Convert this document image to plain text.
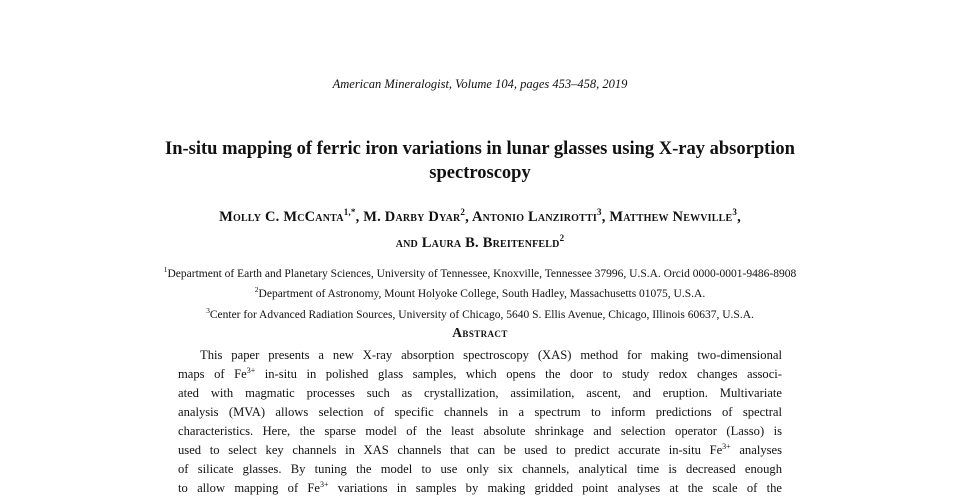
American Mineralogist, Volume 104, pages 453–458, 2019
In-situ mapping of ferric iron variations in lunar glasses using X-ray absorption spectroscopy
Molly C. McCanta$^{1,*}$, M. Darby Dyar$^2$, Antonio Lanzirotti$^3$, Matthew Newville$^3$,
and Laura B. Breitenfeld$^2$
$^1$Department of Earth and Planetary Sciences, University of Tennessee, Knoxville, Tennessee 37996, U.S.A. Orcid 0000-0001-9486-8908
$^2$Department of Astronomy, Mount Holyoke College, South Hadley, Massachusetts 01075, U.S.A.
$^3$Center for Advanced Radiation Sources, University of Chicago, 5640 S. Ellis Avenue, Chicago, Illinois 60637, U.S.A.
Abstract
This paper presents a new X-ray absorption spectroscopy (XAS) method for making two-dimensional
maps of $Fe^{3+}$ in-situ in polished glass samples, which opens the door to study redox changes associ-
ated with magmatic processes such as crystallization, assimilation, ascent, and eruption. Multivariate
analysis (MVA) allows selection of specific channels in a spectrum to inform predictions of spectral
characteristics. Here, the sparse model of the least absolute shrinkage and selection operator (Lasso) is
used to select key channels in XAS channels that can be used to predict accurate in-situ $Fe^{3+}$ analyses
of silicate glasses. By tuning the model to use only six channels, analytical time is decreased enough
to allow mapping of $Fe^{3+}$ variations in samples by making gridded point analyses at the scale of the
